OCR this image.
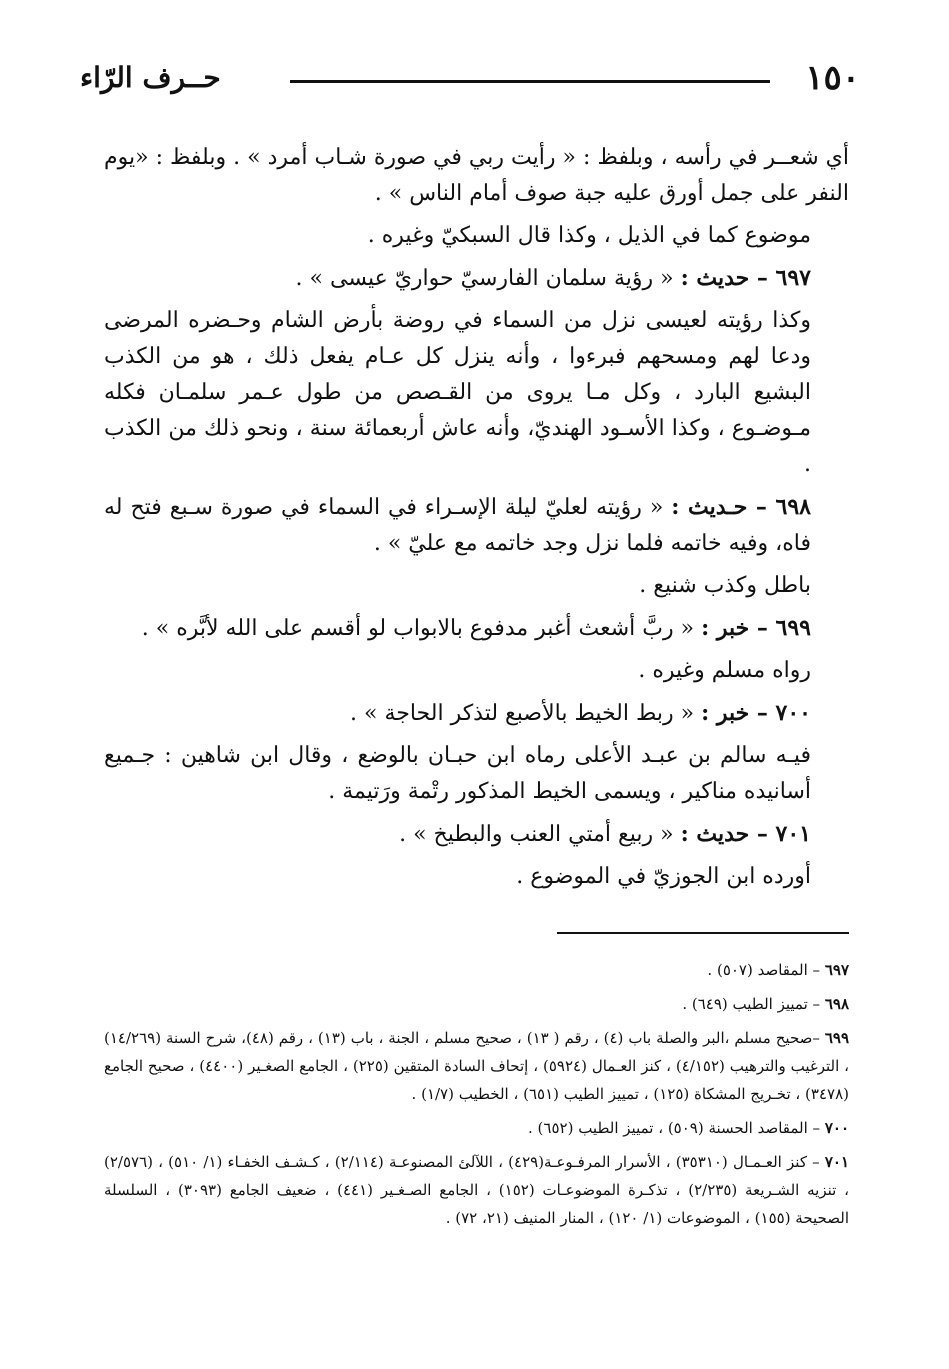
١٥٠
حــرف الرّاء

أي شعــر في رأسه ، وبلفظ : « رأيت ربي في صورة شـاب أمرد » . وبلفظ : «يوم النفر على جمل أورق عليه جبة صوف أمام الناس » .

موضوع كما في الذيل ، وكذا قال السبكيّ وغيره .

٦٩٧ – حديث : « رؤية سلمان الفارسيّ حواريّ عيسى » .

وكذا رؤيته لعيسى نزل من السماء في روضة بأرض الشام وحـضره المرضى ودعا لهم ومسحهم فبرءوا ، وأنه ينزل كل عـام يفعل ذلك ، هو من الكذب البشيع البارد ، وكل مـا يروى من القـصص من طول عـمر سلمـان فكله مـوضـوع ، وكذا الأسـود الهنديّ، وأنه عاش أربعمائة سنة ، ونحو ذلك من الكذب .

٦٩٨ – حـديث : « رؤيته لعليّ ليلة الإسـراء في السماء في صورة سـبع فتح له فاه، وفيه خاتمه فلما نزل وجد خاتمه مع عليّ » .

باطل وكذب شنيع .

٦٩٩ – خبر : « ربَّ أشعث أغبر مدفوع بالابواب لو أقسم على الله لأبَّره » .

رواه مسلم وغيره .

٧٠٠ – خبر : « ربط الخيط بالأصبع لتذكر الحاجة » .

فيـه سالم بن عبـد الأعلى رماه ابن حبـان بالوضع ، وقال ابن شاهين : جـميع أسانيده مناكير ، ويسمى الخيط المذكور رتْمة ورَتيمة .

٧٠١ – حديث : « ربيع أمتي العنب والبطيخ » .

أورده ابن الجوزيّ في الموضوع .

٦٩٧ – المقاصد (٥٠٧) .

٦٩٨ – تمييز الطيب (٦٤٩) .

٦٩٩ –صحيح مسلم ،البر والصلة باب (٤) ، رقم ( ١٣) ، صحيح مسلم ، الجنة ، باب (١٣) ، رقم (٤٨)، شرح السنة (١٤/٢٦٩) ، الترغيب والترهيب (٤/١٥٢) ، كنز العـمال (٥٩٢٤) ، إتحاف السادة المتقين (٢٢٥) ، الجامع الصغـير (٤٤٠٠) ، صحيح الجامع (٣٤٧٨) ، تخـريج المشكاة (١٢٥) ، تمييز الطيب (٦٥١) ، الخطيب (١/٧) .

٧٠٠ – المقاصد الحسنة (٥٠٩) ، تمييز الطيب (٦٥٢) .

٧٠١ – كنز العـمـال (٣٥٣١٠) ، الأسرار المرفـوعـة(٤٢٩) ، اللآلئ المصنوعـة (٢/١١٤) ، كـشـف الخفـاء (١/ ٥١٠) ، (٢/٥٧٦) ، تنزيه الشـريعة (٢/٢٣٥) ، تذكـرة الموضوعـات (١٥٢) ، الجامع الصـغـير (٤٤١) ، ضعيف الجامع (٣٠٩٣) ، السلسلة الصحيحة (١٥٥) ، الموضوعات (١/ ١٢٠) ، المنار المنيف (٢١، ٧٢) .
